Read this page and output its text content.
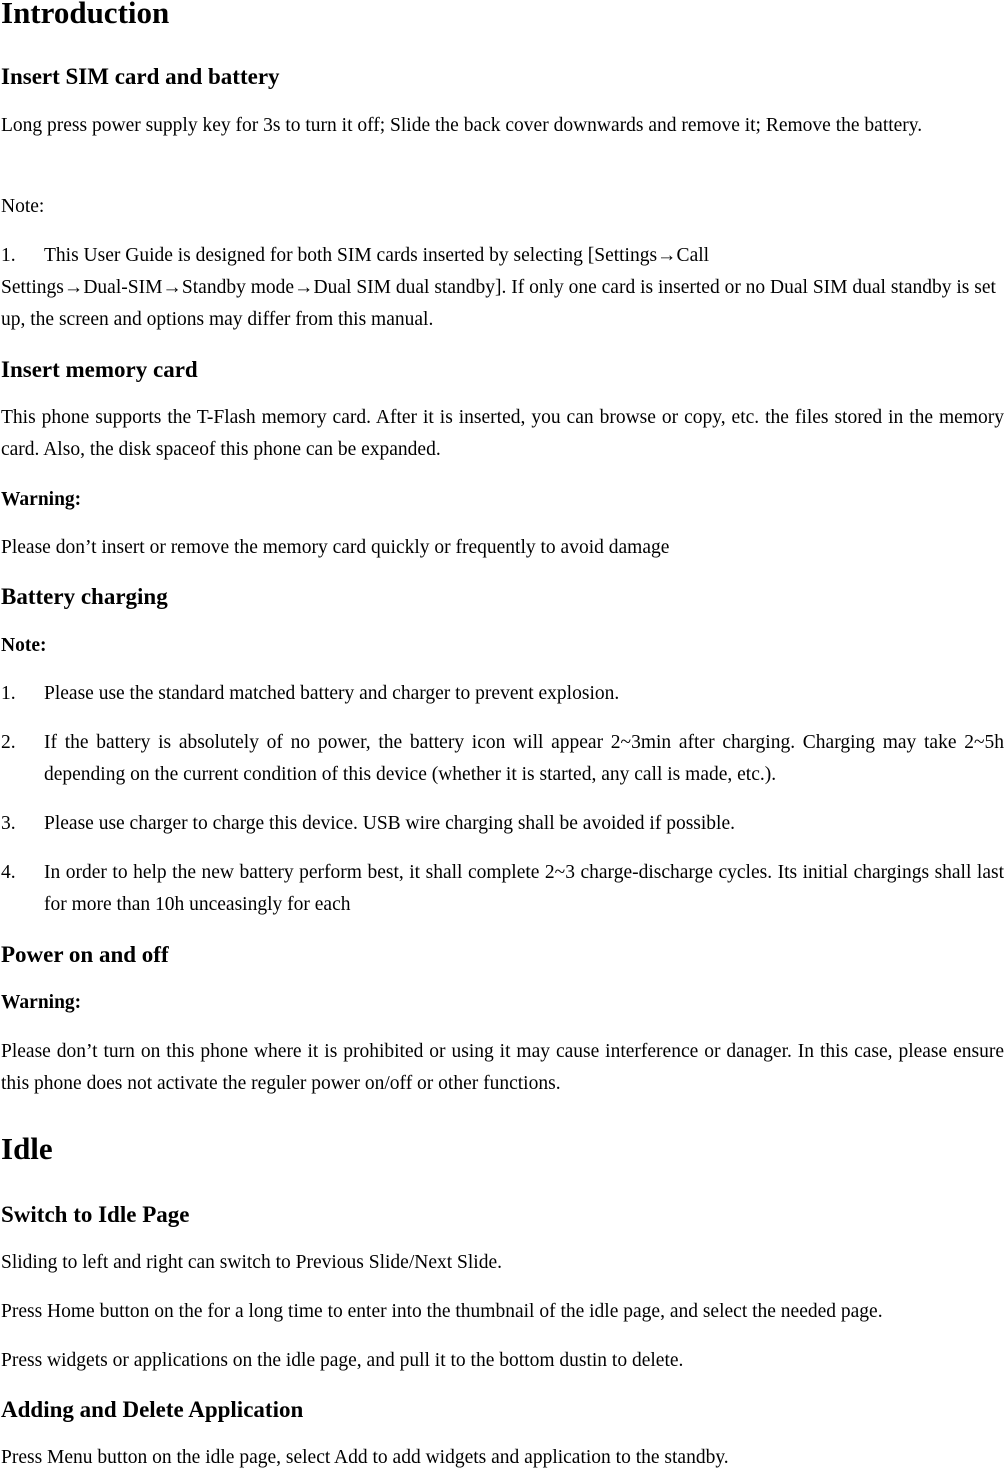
Introduction
Insert SIM card and battery

Long press power supply key for 3s to turn it off; Slide the back cover downwards and remove it; Remove the battery.

Note:

1. This User Guide is designed for both SIM cards inserted by selecting [Settings→Call
Settings→Dual-SIM→Standby mode→Dual SIM dual standby]. If only one card is inserted or no Dual SIM dual standby is set up, the screen and options may differ from this manual.
Insert memory card

This phone supports the T-Flash memory card. After it is inserted, you can browse or copy, etc. the files stored in the memory card. Also, the disk spaceof this phone can be expanded.

Warning:

Please don’t insert or remove the memory card quickly or frequently to avoid damage

Battery charging

Note:

1. Please use the standard matched battery and charger to prevent explosion.
2. If the battery is absolutely of no power, the battery icon will appear 2~3min after charging. Charging may take 2~5h depending on the current condition of this device (whether it is started, any call is made, etc.).
3. Please use charger to charge this device. USB wire charging shall be avoided if possible.
4. In order to help the new battery perform best, it shall complete 2~3 charge-discharge cycles. Its initial chargings shall last for more than 10h unceasingly for each
Power on and off

Warning:

Please don’t turn on this phone where it is prohibited or using it may cause interference or danager. In this case, please ensure this phone does not activate the reguler power on/off or other functions.

Idle
Switch to Idle Page

Sliding to left and right can switch to Previous Slide/Next Slide.

Press Home button on the for a long time to enter into the thumbnail of the idle page, and select the needed page.

Press widgets or applications on the idle page, and pull it to the bottom dustin to delete.

Adding and Delete Application

Press Menu button on the idle page, select Add to add widgets and application to the standby.
